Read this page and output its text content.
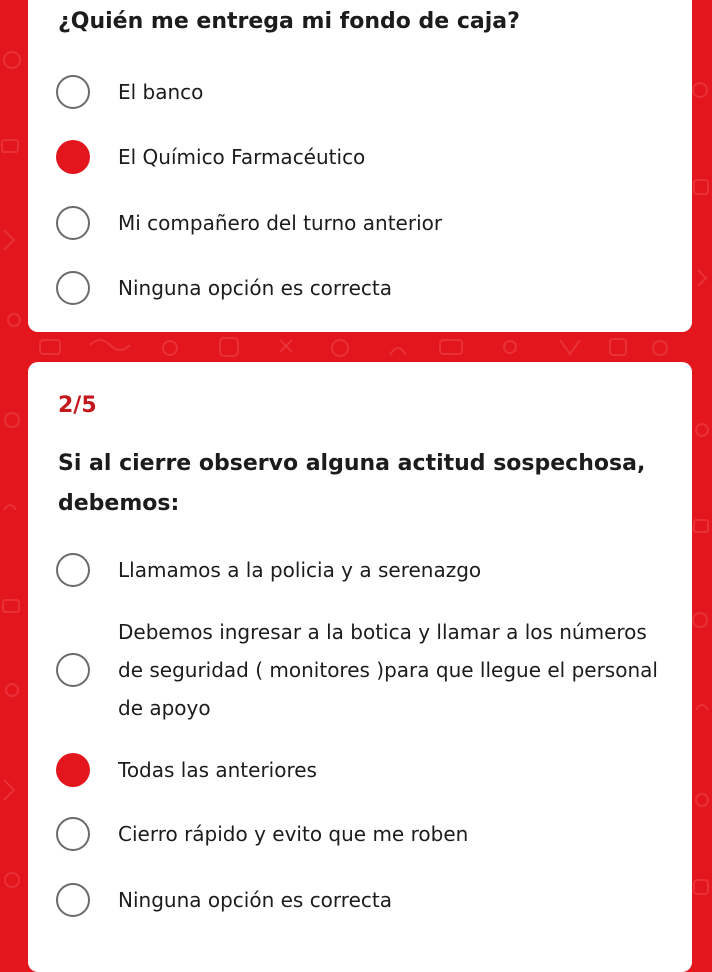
¿Quién me entrega mi fondo de caja?
El banco
El Químico Farmacéutico
Mi compañero del turno anterior
Ninguna opción es correcta
2/5
Si al cierre observo alguna actitud sospechosa, debemos:
Llamamos a la policia y a serenazgo
Debemos ingresar a la botica y llamar a los números de seguridad ( monitores )para que llegue el personal de apoyo
Todas las anteriores
Cierro rápido y evito que me roben
Ninguna opción es correcta
